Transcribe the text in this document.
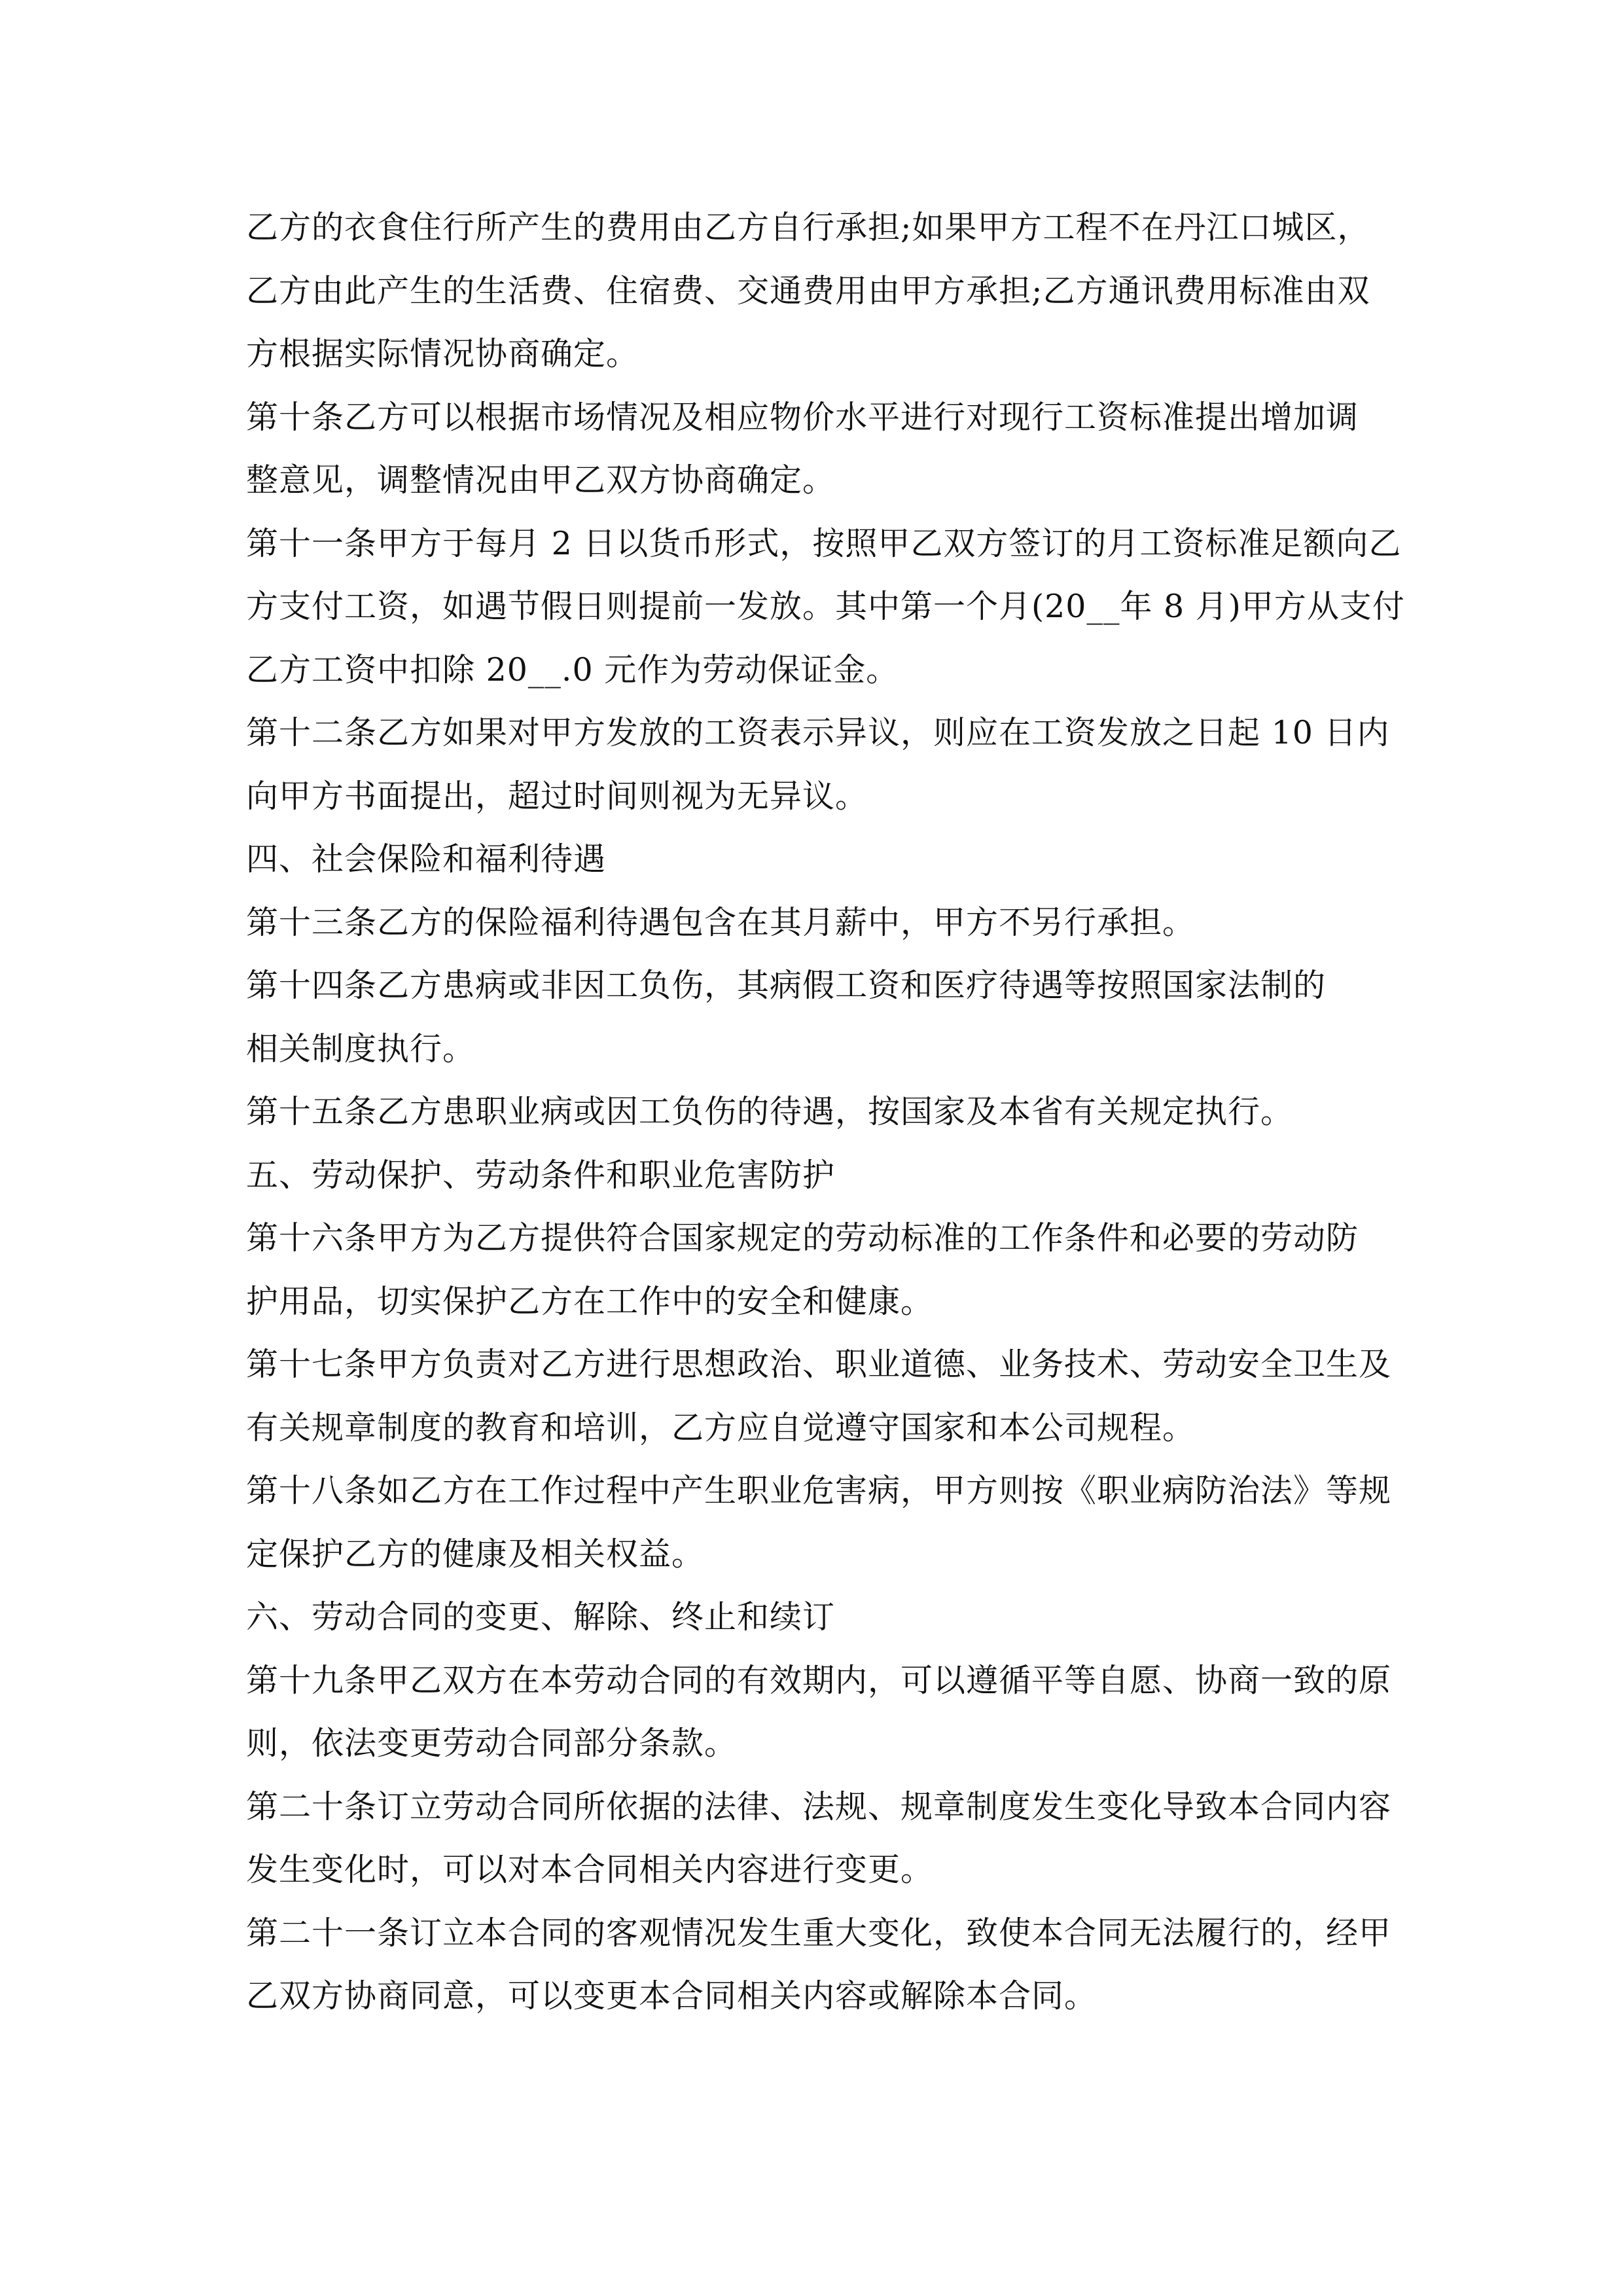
乙方的衣食住行所产生的费用由乙方自行承担;如果甲方工程不在丹江口城区，
乙方由此产生的生活费、住宿费、交通费用由甲方承担;乙方通讯费用标准由双
方根据实际情况协商确定。
第十条乙方可以根据市场情况及相应物价水平进行对现行工资标准提出增加调
整意见，调整情况由甲乙双方协商确定。
第十一条甲方于每月 2 日以货币形式，按照甲乙双方签订的月工资标准足额向乙
方支付工资，如遇节假日则提前一发放。其中第一个月(20__年 8 月)甲方从支付
乙方工资中扣除 20__.0 元作为劳动保证金。
第十二条乙方如果对甲方发放的工资表示异议，则应在工资发放之日起 10 日内
向甲方书面提出，超过时间则视为无异议。
四、社会保险和福利待遇
第十三条乙方的保险福利待遇包含在其月薪中，甲方不另行承担。
第十四条乙方患病或非因工负伤，其病假工资和医疗待遇等按照国家法制的
相关制度执行。
第十五条乙方患职业病或因工负伤的待遇，按国家及本省有关规定执行。
五、劳动保护、劳动条件和职业危害防护
第十六条甲方为乙方提供符合国家规定的劳动标准的工作条件和必要的劳动防
护用品，切实保护乙方在工作中的安全和健康。
第十七条甲方负责对乙方进行思想政治、职业道德、业务技术、劳动安全卫生及
有关规章制度的教育和培训，乙方应自觉遵守国家和本公司规程。
第十八条如乙方在工作过程中产生职业危害病，甲方则按《职业病防治法》等规
定保护乙方的健康及相关权益。
六、劳动合同的变更、解除、终止和续订
第十九条甲乙双方在本劳动合同的有效期内，可以遵循平等自愿、协商一致的原
则，依法变更劳动合同部分条款。
第二十条订立劳动合同所依据的法律、法规、规章制度发生变化导致本合同内容
发生变化时，可以对本合同相关内容进行变更。
第二十一条订立本合同的客观情况发生重大变化，致使本合同无法履行的，经甲
乙双方协商同意，可以变更本合同相关内容或解除本合同。
